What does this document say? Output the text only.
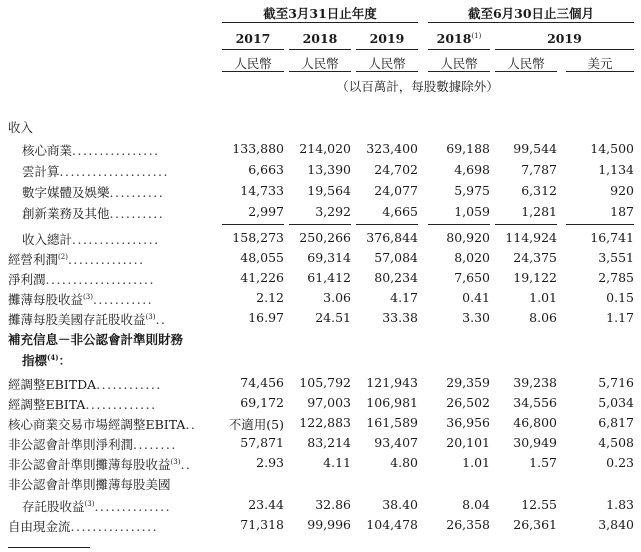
截至3月31日止年度	截至6月30日止三個月
2017	2018	2019	2018$^{(1)}$	2019
人民幣	人民幣	人民幣	人民幣	人民幣	美元
（以百萬計，每股數據除外）
收入
核心商業................	133,880 214,020 323,400 69,188 99,544	14,500
雲計算....................	6,663 13,390 24,702	4,698 7,787	1,134
數字媒體及娛樂..........	14,733 19,564 24,077	5,975 6,312	920
創新業務及其他..........	2,997 3,292 4,665	1,059 1,281	187
收入總計................	158,273 250,266 376,844 80,920 114,924	16,741
經營利潤$^{(2)}$..............	48,055 69,314 57,084	8,020 24,375	3,551
淨利潤....................	41,226 61,412 80,234	7,650 19,122	2,785
攤薄每股收益$^{(3)}$...........	2.12	3.06	4.17	0.41	1.01	0.15
攤薄每股美國存託股收益$^{(3)}$..	16.97 24.51 33.38	3.30	8.06	1.17
補充信息－非公認會計準則財務
指標$^{(4)}$：
經調整EBITDA............	74,456 105,792 121,943 29,359 39,238	5,716
經調整EBITA.............	69,172 97,003 106,981 26,502 34,556	5,034
核心商業交易市場經調整EBITA..	不適用(5) 122,883 161,589 36,956 46,800	6,817
非公認會計準則淨利潤........	57,871 83,214 93,407 20,101 30,949	4,508
非公認會計準則攤薄每股收益$^{(3)}$..	2.93	4.11	4.80	1.01	1.57	0.23
非公認會計準則攤薄每股美國
存託股收益$^{(3)}$..............	23.44 32.86 38.40	8.04 12.55	1.83
自由現金流................	71,318 99,996 104,478 26,358 26,361	3,840
